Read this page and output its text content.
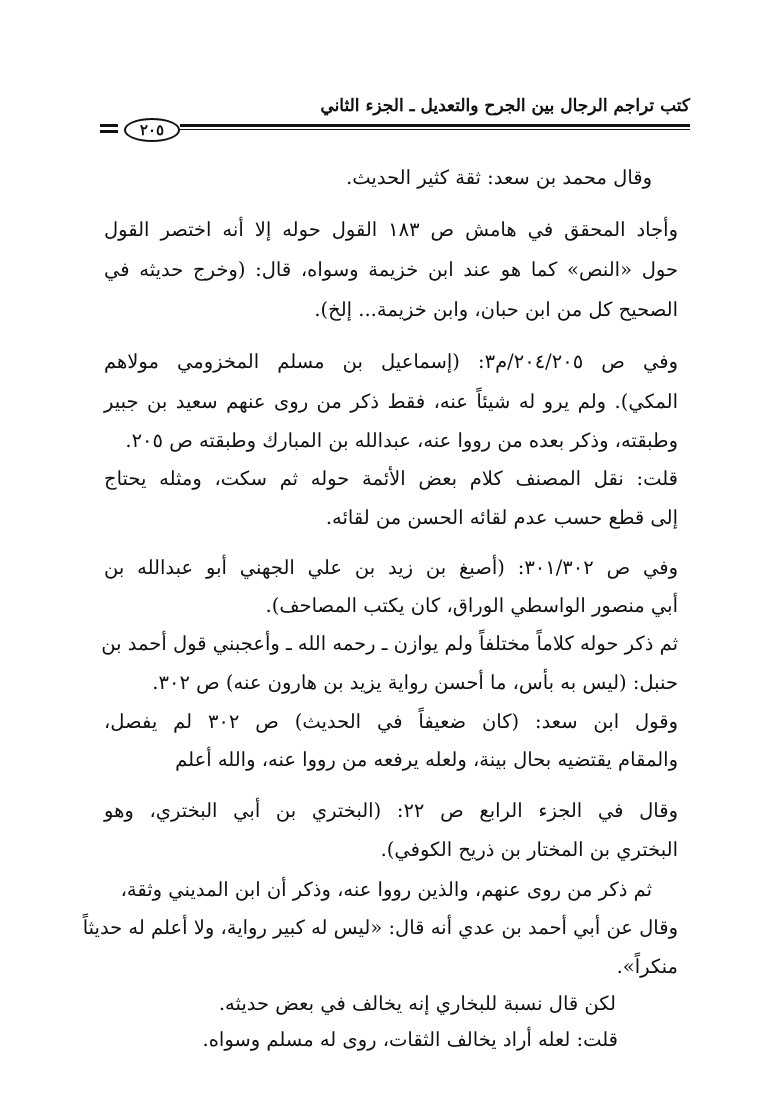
كتب تراجم الرجال بين الجرح والتعديل ـ الجزء الثاني
٢٠٥
وقال محمد بن سعد: ثقة كثير الحديث.
وأجاد المحقق في هامش ص ١٨٣ القول حوله إلا أنه اختصر القول
حول «النص» كما هو عند ابن خزيمة وسواه، قال: (وخرج حديثه في
الصحيح كل من ابن حبان، وابن خزيمة... إلخ).
وفي ص ٢٠٤/٢٠٥/م٣: (إسماعيل بن مسلم المخزومي مولاهم
المكي). ولم يرو له شيئاً عنه، فقط ذكر من روى عنهم سعيد بن جبير
وطبقته، وذكر بعده من رووا عنه، عبدالله بن المبارك وطبقته ص ٢٠٥.
قلت: نقل المصنف كلام بعض الأئمة حوله ثم سكت، ومثله يحتاج
إلى قطع حسب عدم لقائه الحسن من لقائه.
وفي ص ٣٠١/٣٠٢: (أصبغ بن زيد بن علي الجهني أبو عبدالله بن
أبي منصور الواسطي الوراق، كان يكتب المصاحف).
ثم ذكر حوله كلاماً مختلفاً ولم يوازن ـ رحمه الله ـ وأعجبني قول أحمد بن
حنبل: (ليس به بأس، ما أحسن رواية يزيد بن هارون عنه) ص ٣٠٢.
وقول ابن سعد: (كان ضعيفاً في الحديث) ص ٣٠٢ لم يفصل،
والمقام يقتضيه بحال بينة، ولعله يرفعه من رووا عنه، والله أعلم
وقال في الجزء الرابع ص ٢٢: (البختري بن أبي البختري، وهو
البختري بن المختار بن ذريح الكوفي).
ثم ذكر من روى عنهم، والذين رووا عنه، وذكر أن ابن المديني وثقة،
وقال عن أبي أحمد بن عدي أنه قال: «ليس له كبير رواية، ولا أعلم له حديثاً
منكراً».
لكن قال نسبة للبخاري إنه يخالف في بعض حديثه.
قلت: لعله أراد يخالف الثقات، روى له مسلم وسواه.
